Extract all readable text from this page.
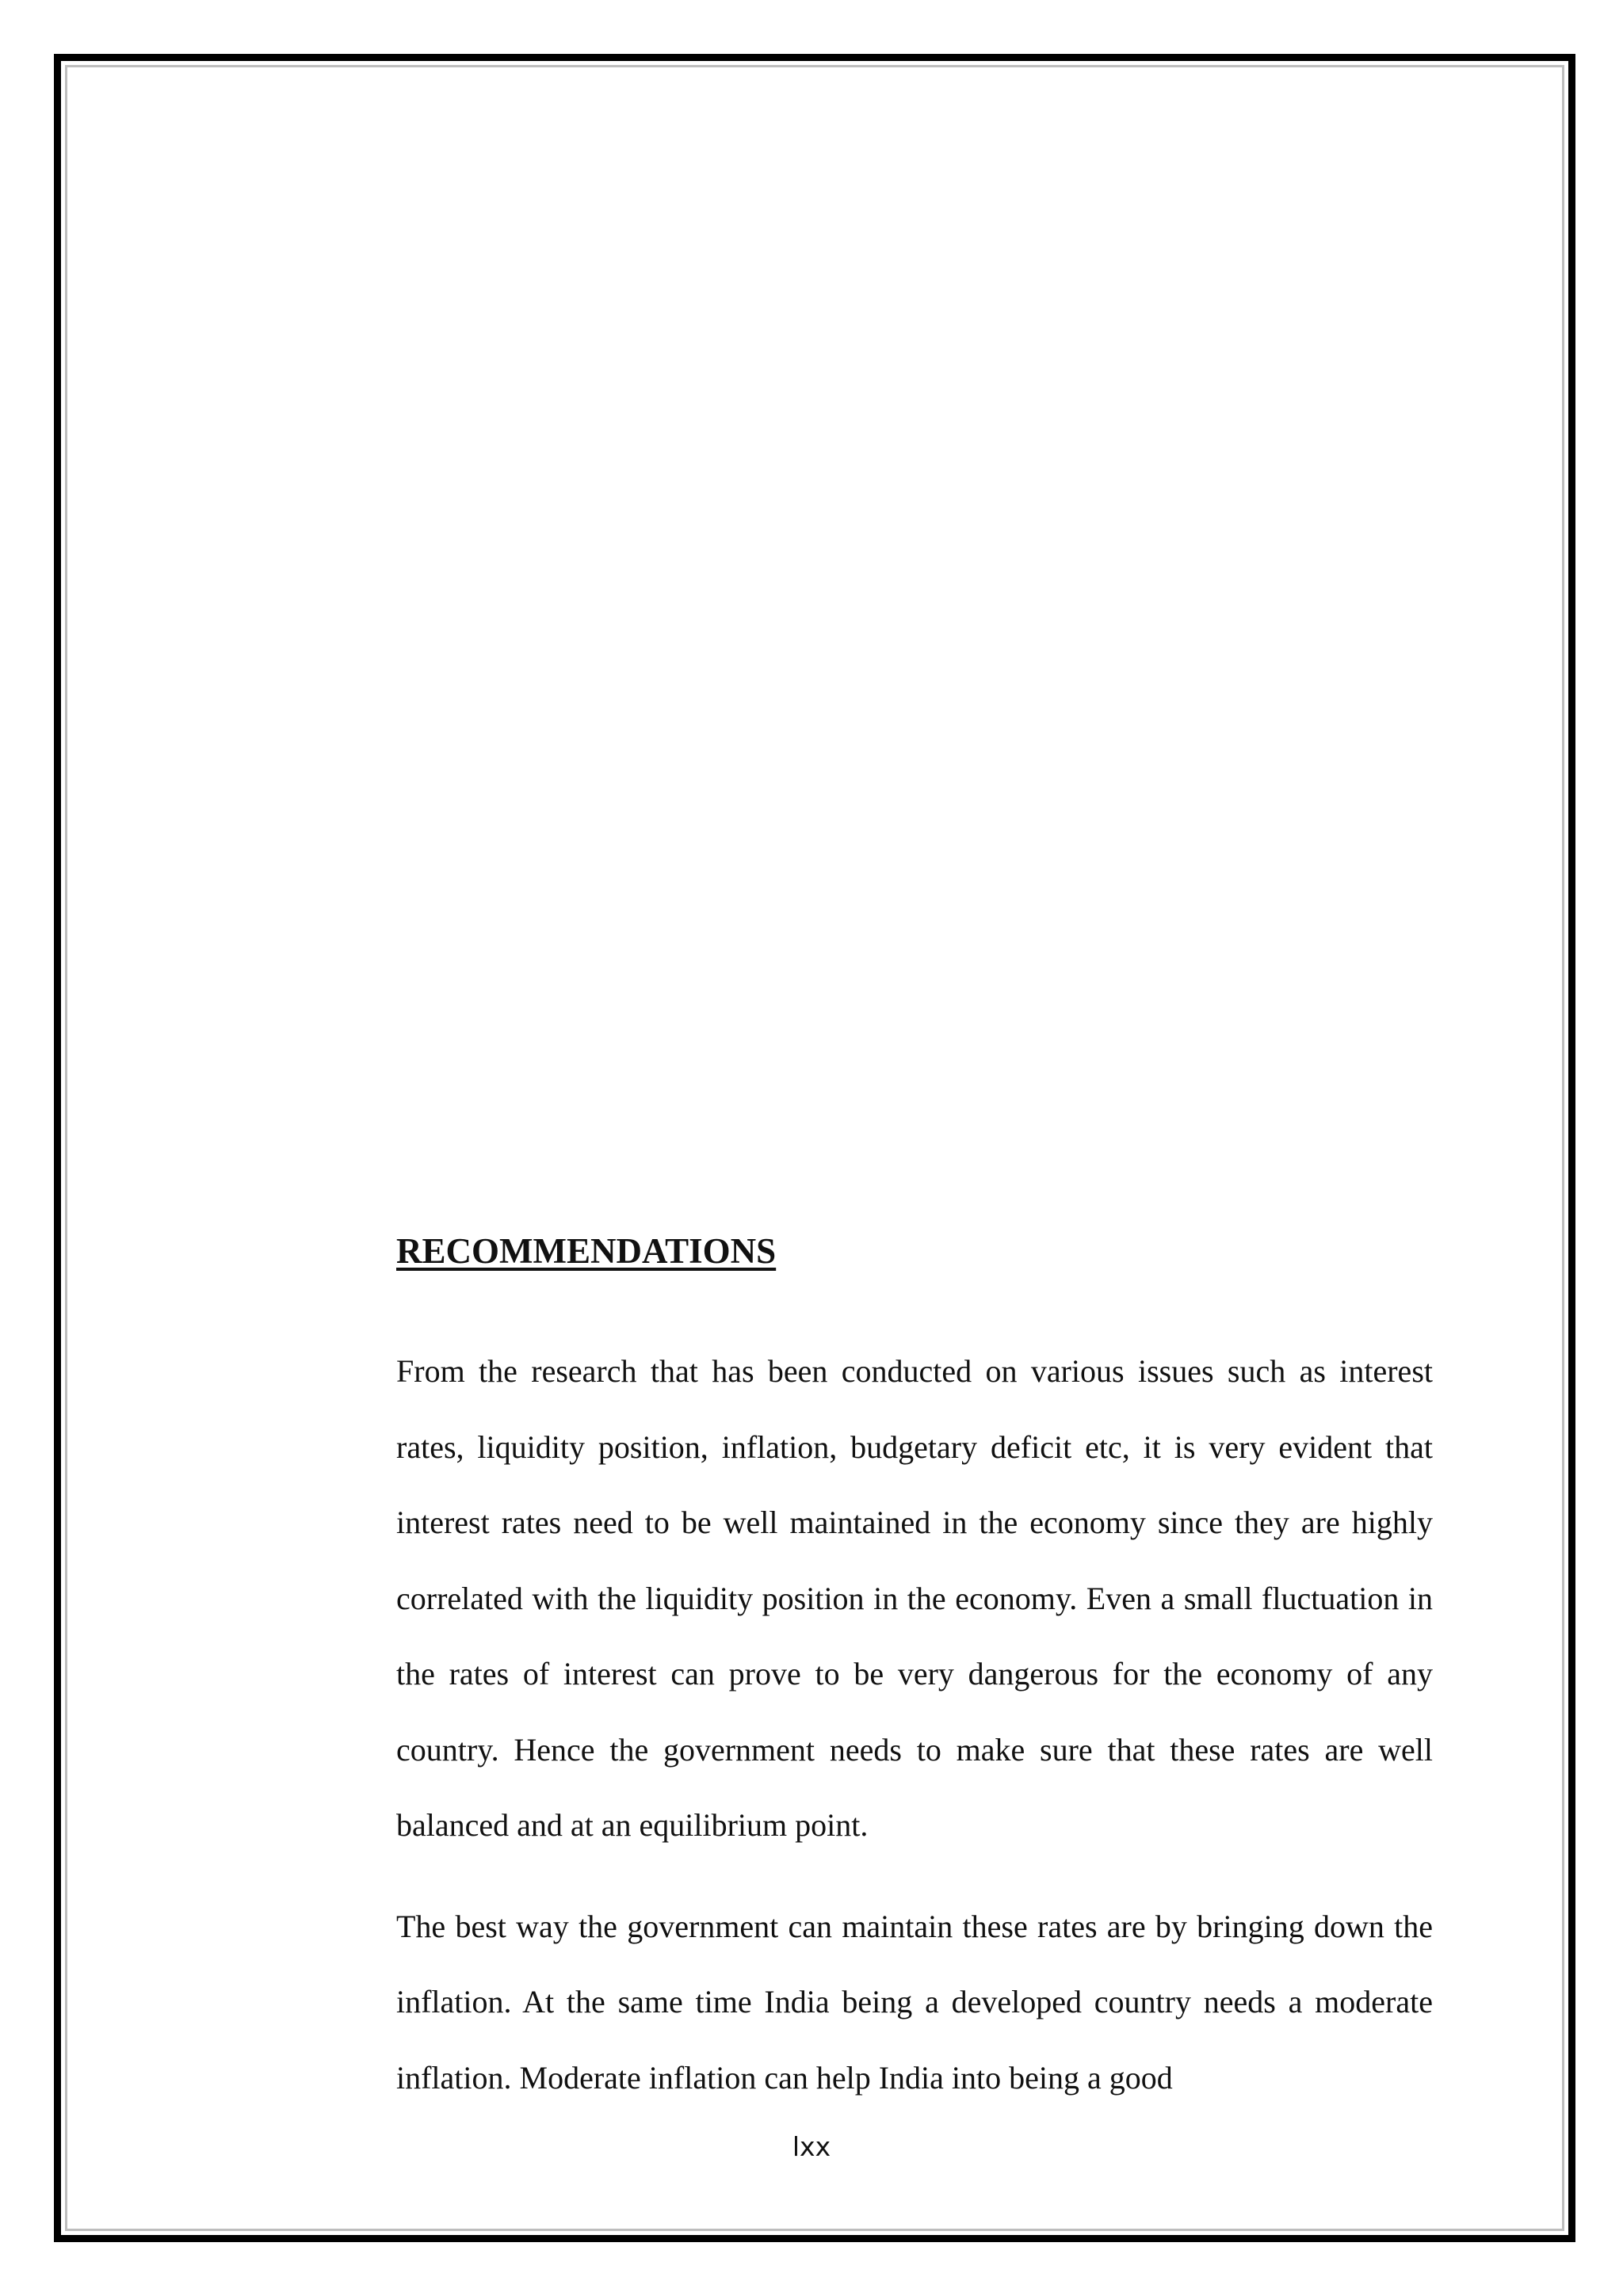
RECOMMENDATIONS

From the research that has been conducted on various issues such as interest rates, liquidity position, inflation, budgetary deficit etc, it is very evident that interest rates need to be well maintained in the economy since they are highly correlated with the liquidity position in the economy. Even a small fluctuation in the rates of interest can prove to be very dangerous for the economy of any country. Hence the government needs to make sure that these rates are well balanced and at an equilibrium point.

The best way the government can maintain these rates are by bringing down the inflation. At the same time India being a developed country needs a moderate inflation. Moderate inflation can help India into being a good

lxx
